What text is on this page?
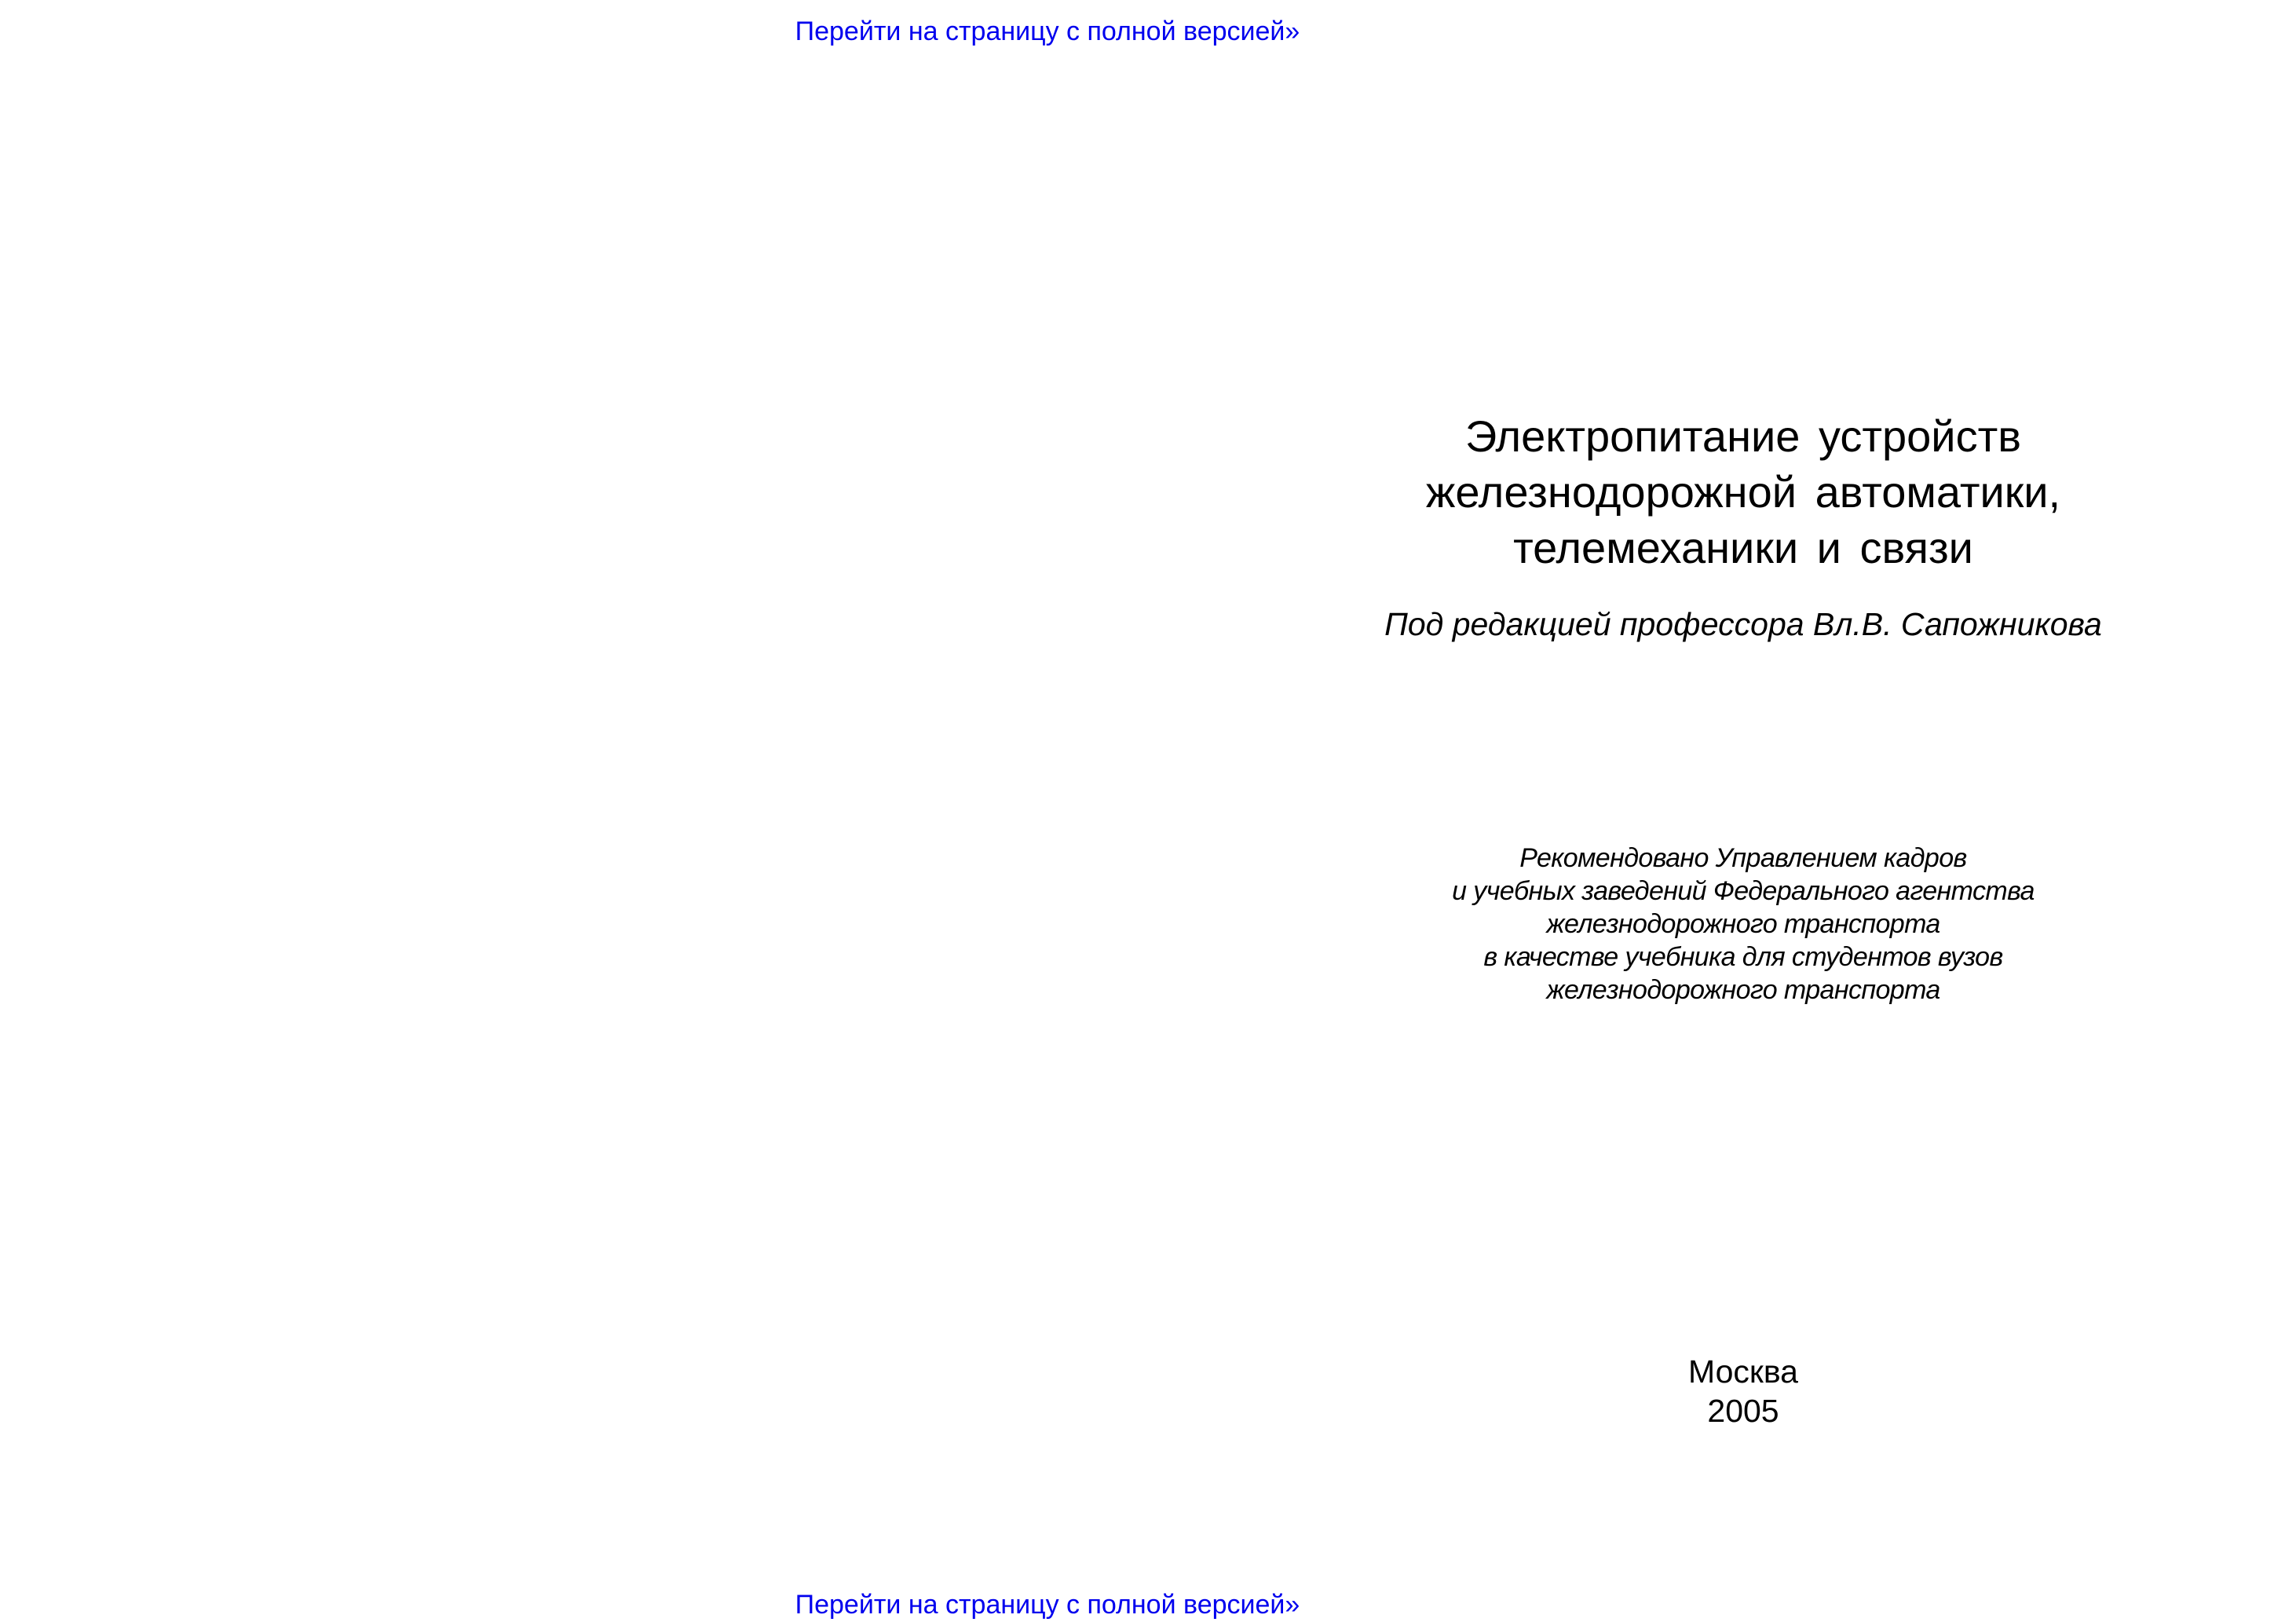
Перейти на страницу с полной версией»
Электропитание устройств
железнодорожной автоматики,
телемеханики и связи
Под редакцией профессора Вл.В. Сапожникова
Рекомендовано Управлением кадров
и учебных заведений Федерального агентства
железнодорожного транспорта
в качестве учебника для студентов вузов
железнодорожного транспорта
Москва
2005
Перейти на страницу с полной версией»
